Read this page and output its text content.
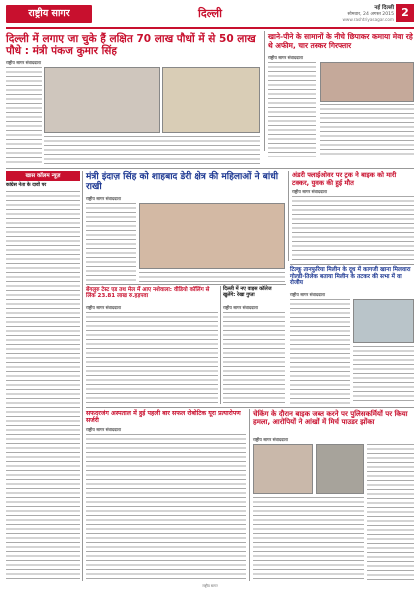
राष्ट्रीय सागर	दिल्ली	नई दिल्ली
सोमवार, 24 अगस्त 2015
www.rashtriyasagar.com
2
दिल्ली में लगाए जा चुके हैं लक्षित 70 लाख पौधों में से 50 लाख पौधे : मंत्री पंकज कुमार सिंह
राष्ट्रीय सागर संवाददाता
खाने-पीने के सामानों के नीचे छिपाकर कमाया मेवा रहे थे अफीम, चार तस्कर गिरफ्तार
राष्ट्रीय सागर संवाददाता
खास कॉलम न्यूज़
कांग्रेस नेता के दावों पर
मंत्री इंदाज़ सिंह को शाहबाद डेरी क्षेत्र की महिलाओं ने बांधी राखी
राष्ट्रीय सागर संवाददाता
अंडरी फ्लाईओवर पर ट्रक ने बाइक को मारी टक्कर, युवक की हुई मौत
राष्ट्रीय सागर संवाददाता
बेंगलुरु टेस्ट एड तथ मेल में आए नशेवाला: वीडियो कॉलिंग से लिंक 23.81 लाख रु.हड़पवा
राष्ट्रीय सागर संवाददाता
दिल्ली में नए वाइस कॉलेज खुलेंगे: रेखा गुप्ता
राष्ट्रीय सागर संवाददाता
टिल्कू तानफुरिया मिलीन के दूध में कागजी खाना मिलवारा गोल्डी-तिलेक बताया मिलीन के तटकर की सभा में वा रोजीय
राष्ट्रीय सागर संवाददाता
सफदरजंग अस्पताल में हुई पहली बार सफल रोबोटिक यूरा प्रत्यारोपण सर्जरी
राष्ट्रीय सागर संवाददाता
चेकिंग के दौरान बाइक जब्त करने पर पुलिसकर्मियों पर किया हमला, आरोपियों ने आंखों में मिर्च पाउडर झोंका
राष्ट्रीय सागर संवाददाता
राष्ट्रीय सागर
